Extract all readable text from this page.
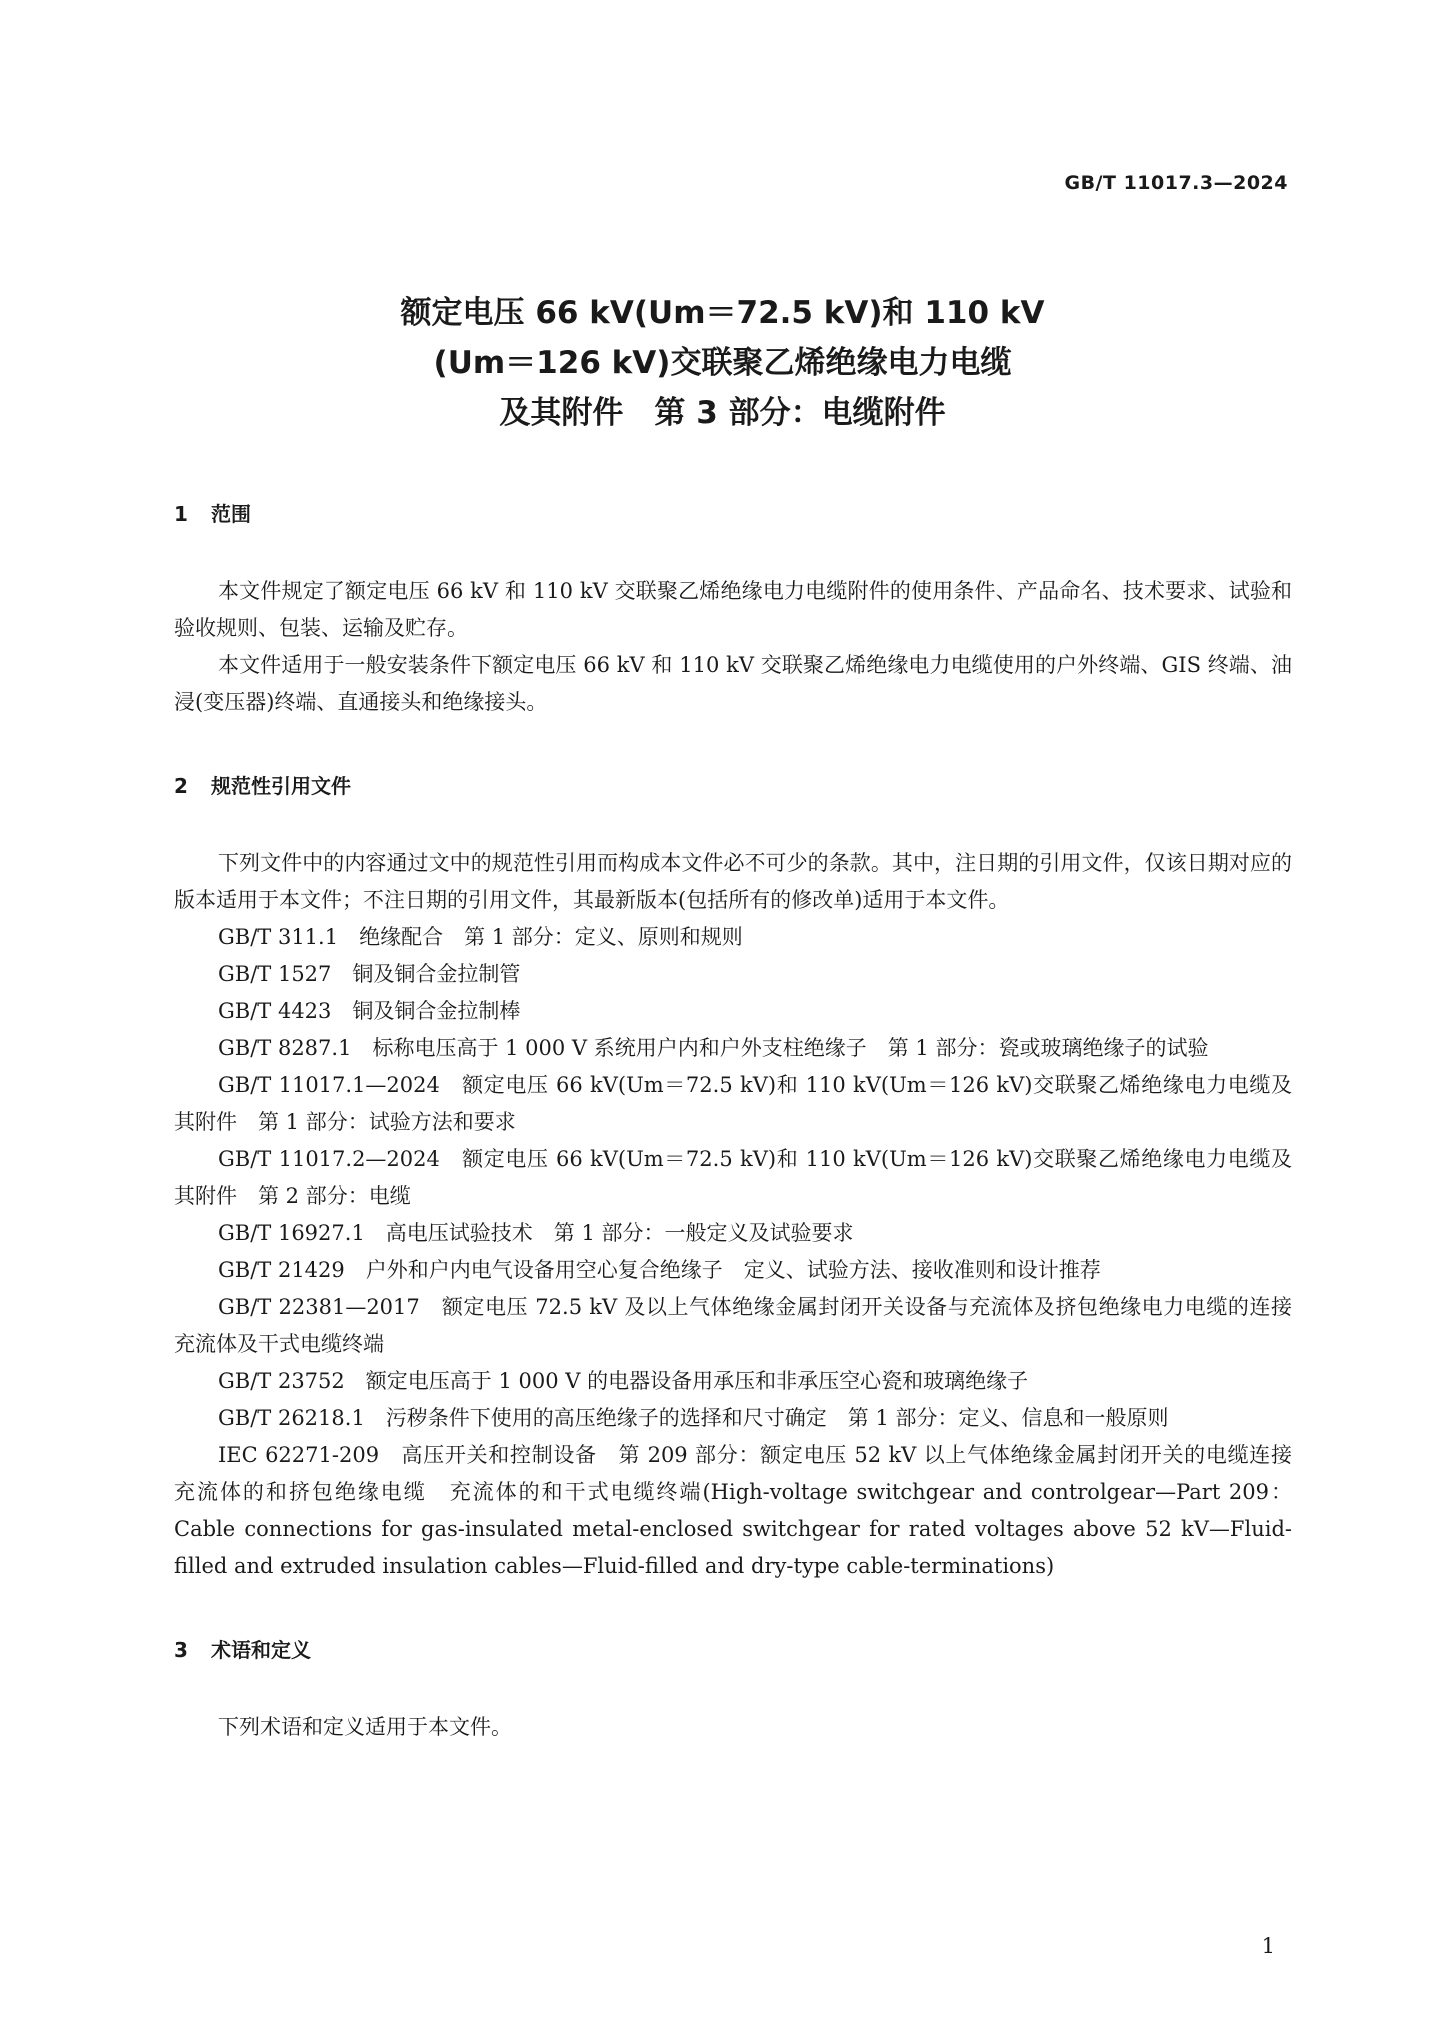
GB/T 11017.3—2024
额定电压 66 kV(Um＝72.5 kV)和 110 kV
(Um＝126 kV)交联聚乙烯绝缘电力电缆
及其附件　第 3 部分：电缆附件
1 范围

本文件规定了额定电压 66 kV 和 110 kV 交联聚乙烯绝缘电力电缆附件的使用条件、产品命名、技术要求、试验和验收规则、包装、运输及贮存。

本文件适用于一般安装条件下额定电压 66 kV 和 110 kV 交联聚乙烯绝缘电力电缆使用的户外终端、GIS 终端、油浸(变压器)终端、直通接头和绝缘接头。

2 规范性引用文件

下列文件中的内容通过文中的规范性引用而构成本文件必不可少的条款。其中，注日期的引用文件，仅该日期对应的版本适用于本文件；不注日期的引用文件，其最新版本(包括所有的修改单)适用于本文件。

GB/T 311.1　绝缘配合　第 1 部分：定义、原则和规则

GB/T 1527　铜及铜合金拉制管

GB/T 4423　铜及铜合金拉制棒

GB/T 8287.1　标称电压高于 1 000 V 系统用户内和户外支柱绝缘子　第 1 部分：瓷或玻璃绝缘子的试验

GB/T 11017.1—2024　额定电压 66 kV(Um＝72.5 kV)和 110 kV(Um＝126 kV)交联聚乙烯绝缘电力电缆及其附件　第 1 部分：试验方法和要求

GB/T 11017.2—2024　额定电压 66 kV(Um＝72.5 kV)和 110 kV(Um＝126 kV)交联聚乙烯绝缘电力电缆及其附件　第 2 部分：电缆

GB/T 16927.1　高电压试验技术　第 1 部分：一般定义及试验要求

GB/T 21429　户外和户内电气设备用空心复合绝缘子　定义、试验方法、接收准则和设计推荐

GB/T 22381—2017　额定电压 72.5 kV 及以上气体绝缘金属封闭开关设备与充流体及挤包绝缘电力电缆的连接　充流体及干式电缆终端

GB/T 23752　额定电压高于 1 000 V 的电器设备用承压和非承压空心瓷和玻璃绝缘子

GB/T 26218.1　污秽条件下使用的高压绝缘子的选择和尺寸确定　第 1 部分：定义、信息和一般原则

IEC 62271-209　高压开关和控制设备　第 209 部分：额定电压 52 kV 以上气体绝缘金属封闭开关的电缆连接　充流体的和挤包绝缘电缆　充流体的和干式电缆终端(High-voltage switchgear and controlgear—Part 209：Cable connections for gas-insulated metal-enclosed switchgear for rated voltages above 52 kV—Fluid-filled and extruded insulation cables—Fluid-filled and dry-type cable-terminations)

3 术语和定义

下列术语和定义适用于本文件。

1
